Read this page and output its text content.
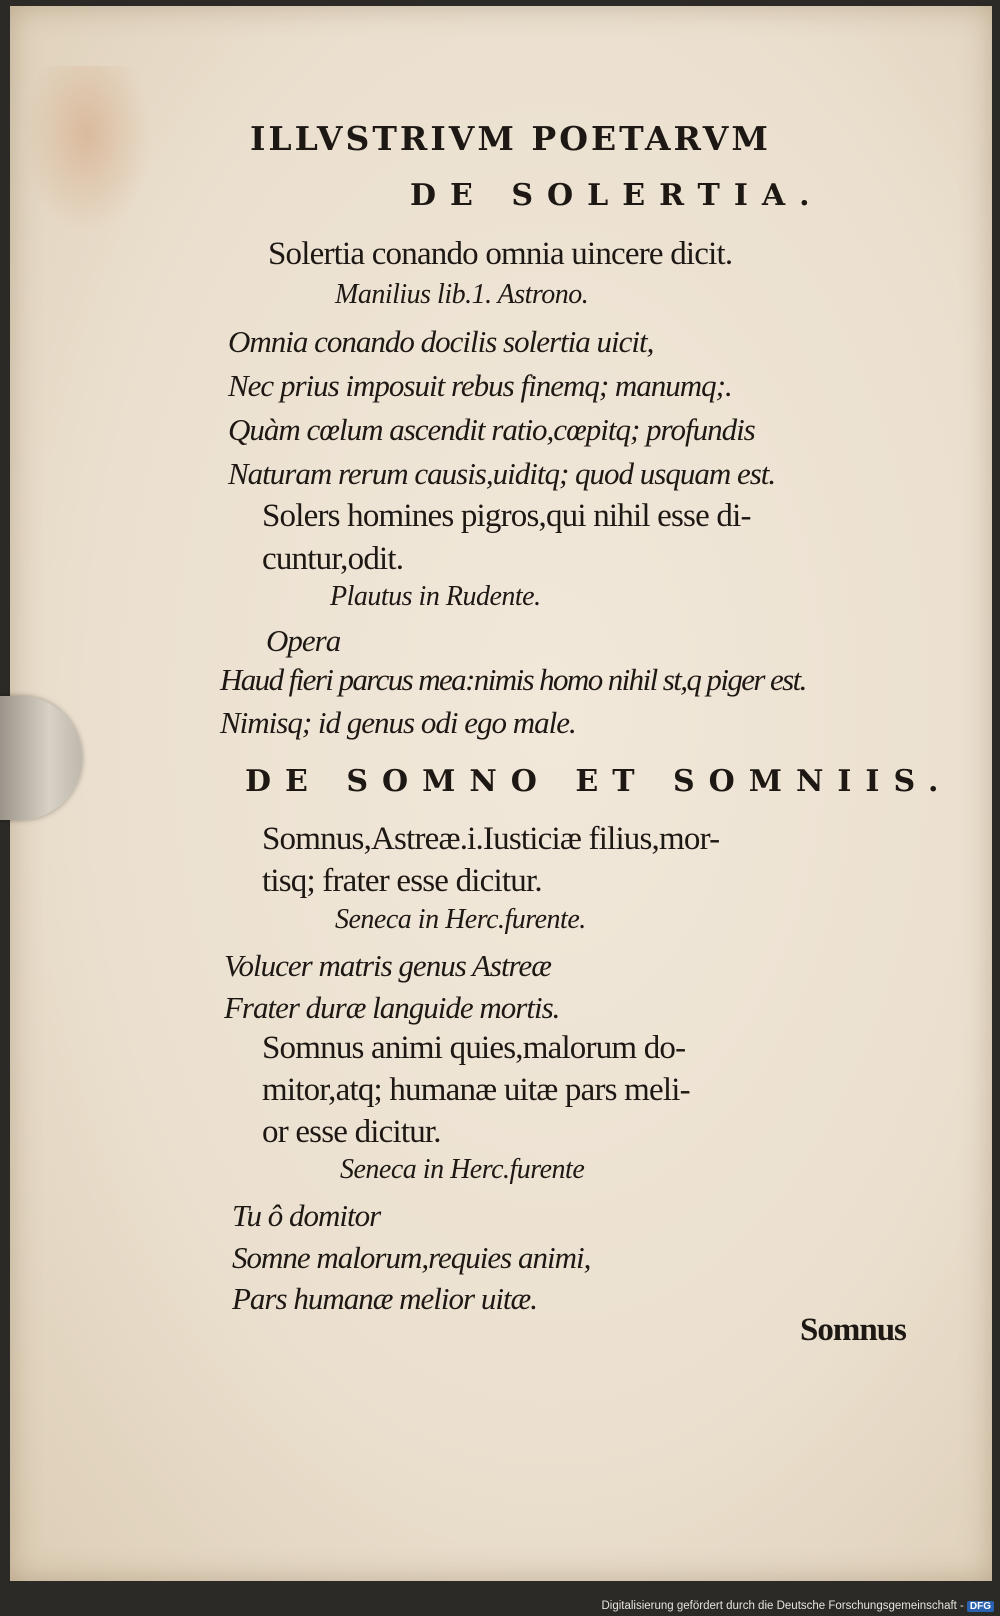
ILLVSTRIVM POETARVM
DE SOLERTIA.
Solertia conando omnia uincere dicit.
Manilius lib.1. Astrono.
Omnia conando docilis solertia uicit,
Nec prius imposuit rebus finemq; manumq;.
Quàm cœlum ascendit ratio,cœpitq; profundis
Naturam rerum causis,uiditq; quod usquam est.
Solers homines pigros,qui nihil esse di-
cuntur,odit.
Plautus in Rudente.
Opera
Haud fieri parcus mea:nimis homo nihil st,q piger est.
Nimisq; id genus odi ego male.
DE SOMNO ET SOMNIIS.
Somnus,Astreæ.i.Iusticiæ filius,mor-
tisq; frater esse dicitur.
Seneca in Herc.furente.
Volucer matris genus Astreæ
Frater duræ languide mortis.
Somnus animi quies,malorum do-
mitor,atq; humanæ uitæ pars meli-
or esse dicitur.
Seneca in Herc.furente
Tu ô domitor
Somne malorum,requies animi,
Pars humanæ melior uitæ.
Somnus
Digitalisierung gefördert durch die Deutsche Forschungsgemeinschaft - DFG
